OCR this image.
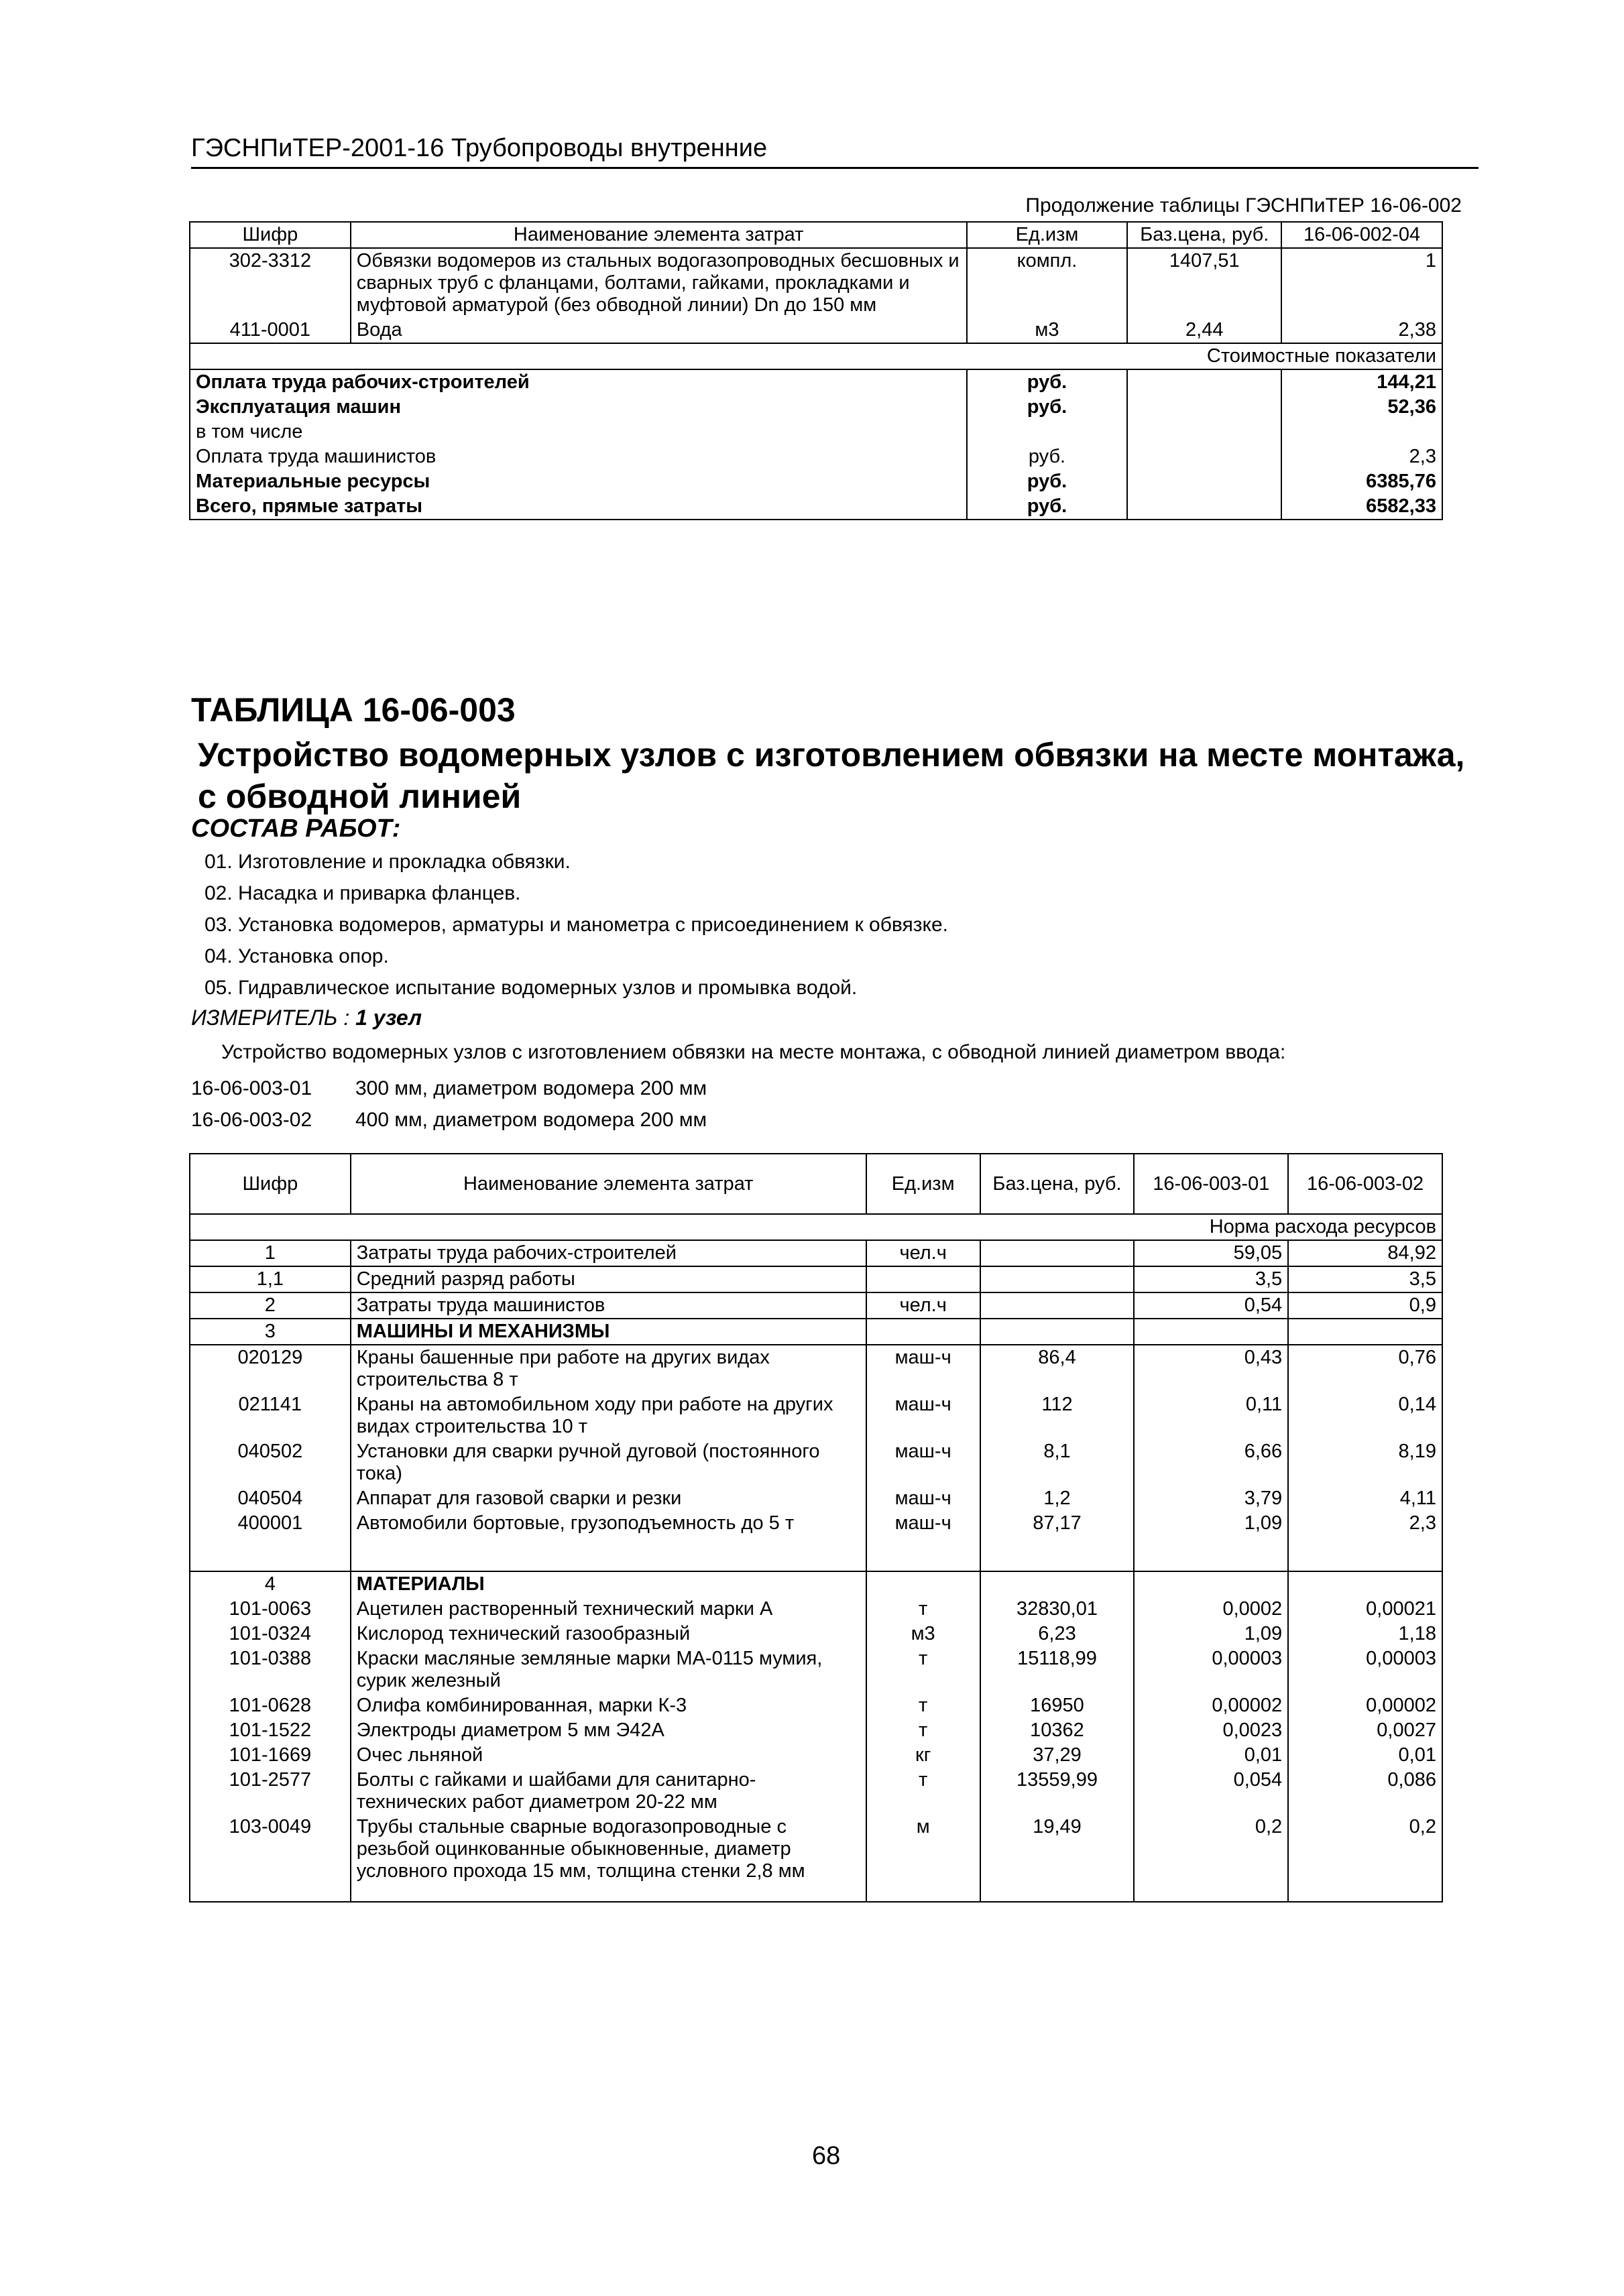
ГЭСНПиТЕР-2001-16 Трубопроводы внутренние
Продолжение таблицы ГЭСНПиТЕР 16-06-002
Шифр	Наименование элемента затрат	Ед.изм	Баз.цена, руб.	16-06-002-04
302-3312	Обвязки водомеров из стальных водогазопроводных бесшовных и сварных труб с фланцами, болтами, гайками, прокладками и муфтовой арматурой (без обводной линии) Dn до 150 мм	компл.	1407,51	1
411-0001	Вода	м3	2,44	2,38
Стоимостные показатели				
Оплата труда рабочих-строителей		руб.		144,21
Эксплуатация машин		руб.		52,36
в том числе				
Оплата труда машинистов		руб.		2,3
Материальные ресурсы		руб.		6385,76
Всего, прямые затраты		руб.		6582,33
ТАБЛИЦА 16-06-003
Устройство водомерных узлов с изготовлением обвязки на месте монтажа, с обводной линией
СОСТАВ РАБОТ:
01. Изготовление и прокладка обвязки.
02. Насадка и приварка фланцев.
03. Установка водомеров, арматуры и манометра с присоединением к обвязке.
04. Установка опор.
05. Гидравлическое испытание водомерных узлов и промывка водой.
ИЗМЕРИТЕЛЬ : 1 узел
Устройство водомерных узлов с изготовлением обвязки на месте монтажа, с обводной линией диаметром ввода:
16-06-003-01 300 мм, диаметром водомера 200 мм
16-06-003-02 400 мм, диаметром водомера 200 мм
Шифр	Наименование элемента затрат	Ед.изм	Баз.цена, руб.	16-06-003-01	16-06-003-02
Норма расхода ресурсов					
1	Затраты труда рабочих-строителей	чел.ч		59,05	84,92
1,1	Средний разряд работы			3,5	3,5
2	Затраты труда машинистов	чел.ч		0,54	0,9
3	МАШИНЫ И МЕХАНИЗМЫ				
020129	Краны башенные при работе на других видах строительства 8 т	маш-ч	86,4	0,43	0,76
021141	Краны на автомобильном ходу при работе на других видах строительства 10 т	маш-ч	112	0,11	0,14
040502	Установки для сварки ручной дуговой (постоянного тока)	маш-ч	8,1	6,66	8,19
040504	Аппарат для газовой сварки и резки	маш-ч	1,2	3,79	4,11
400001	Автомобили бортовые, грузоподъемность до 5 т	маш-ч	87,17	1,09	2,3
4	МАТЕРИАЛЫ				
101-0063	Ацетилен растворенный технический марки А	т	32830,01	0,0002	0,00021
101-0324	Кислород технический газообразный	м3	6,23	1,09	1,18
101-0388	Краски масляные земляные марки МА-0115 мумия, сурик железный	т	15118,99	0,00003	0,00003
101-0628	Олифа комбинированная, марки К-3	т	16950	0,00002	0,00002
101-1522	Электроды диаметром 5 мм Э42А	т	10362	0,0023	0,0027
101-1669	Очес льняной	кг	37,29	0,01	0,01
101-2577	Болты с гайками и шайбами для санитарно-технических работ диаметром 20-22 мм	т	13559,99	0,054	0,086
103-0049	Трубы стальные сварные водогазопроводные с резьбой оцинкованные обыкновенные, диаметр условного прохода 15 мм, толщина стенки 2,8 мм	м	19,49	0,2	0,2
68
